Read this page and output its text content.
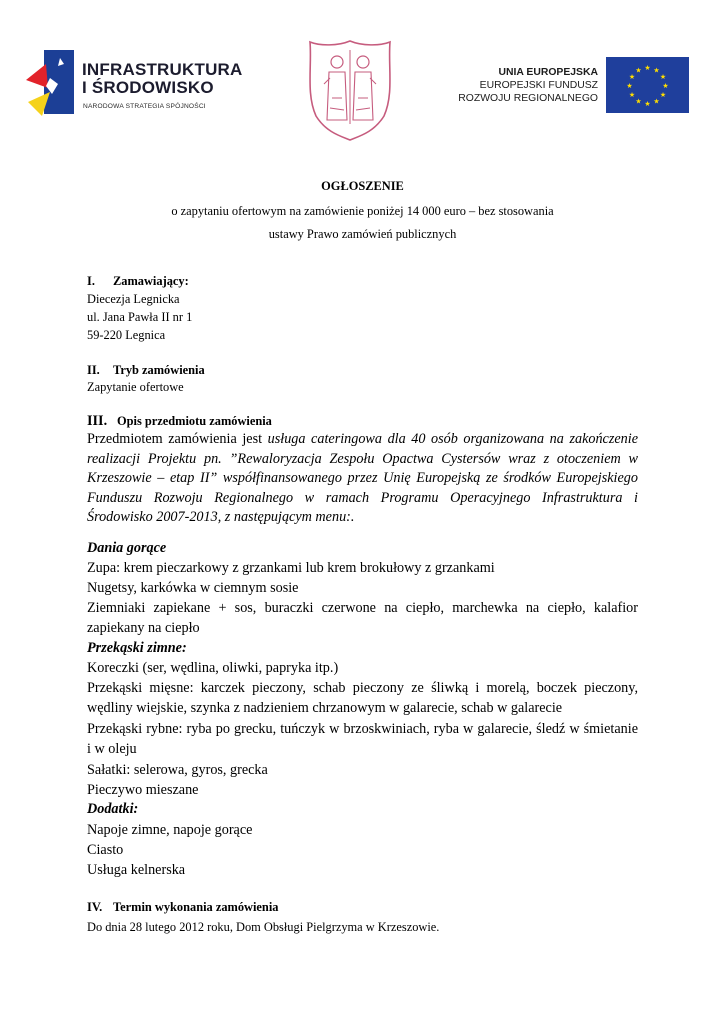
INFRASTRUKTURA
I ŚRODOWISKO
NARODOWA STRATEGIA SPÓJNOŚCI
UNIA EUROPEJSKA
EUROPEJSKI FUNDUSZ
ROZWOJU REGIONALNEGO
★ ★
★
★
★
★
★
★
★
★
★
★
OGŁOSZENIE
o zapytaniu ofertowym na zamówienie poniżej 14 000 euro – bez stosowania
ustawy Prawo zamówień publicznych
I. Zamawiający:
Diecezja Legnicka
ul. Jana Pawła II nr 1
59-220 Legnica
II. Tryb zamówienia
Zapytanie ofertowe
III. Opis przedmiotu zamówienia
Przedmiotem zamówienia jest usługa cateringowa dla 40 osób organizowana na zakończenie realizacji Projektu pn. ”Rewaloryzacja Zespołu Opactwa Cystersów wraz z otoczeniem w Krzeszowie – etap II” współfinansowanego przez Unię Europejską ze środków Europejskiego Funduszu Rozwoju Regionalnego w ramach Programu Operacyjnego Infrastruktura i Środowisko 2007-2013, z następującym menu:.
Dania gorące
Zupa: krem pieczarkowy z grzankami lub krem brokułowy z grzankami
Nugetsy, karkówka w ciemnym sosie
Ziemniaki zapiekane + sos, buraczki czerwone na ciepło, marchewka na ciepło, kalafior zapiekany na ciepło
Przekąski zimne:
Koreczki (ser, wędlina, oliwki, papryka itp.)
Przekąski mięsne: karczek pieczony, schab pieczony ze śliwką i morelą, boczek pieczony, wędliny wiejskie, szynka z nadzieniem chrzanowym w galarecie, schab w galarecie
Przekąski rybne: ryba po grecku, tuńczyk w brzoskwiniach, ryba w galarecie, śledź w śmietanie i w oleju
Sałatki: selerowa, gyros, grecka
Pieczywo mieszane
Dodatki:
Napoje zimne, napoje gorące
Ciasto
Usługa kelnerska
IV. Termin wykonania zamówienia
Do dnia 28 lutego 2012 roku, Dom Obsługi Pielgrzyma w Krzeszowie.
